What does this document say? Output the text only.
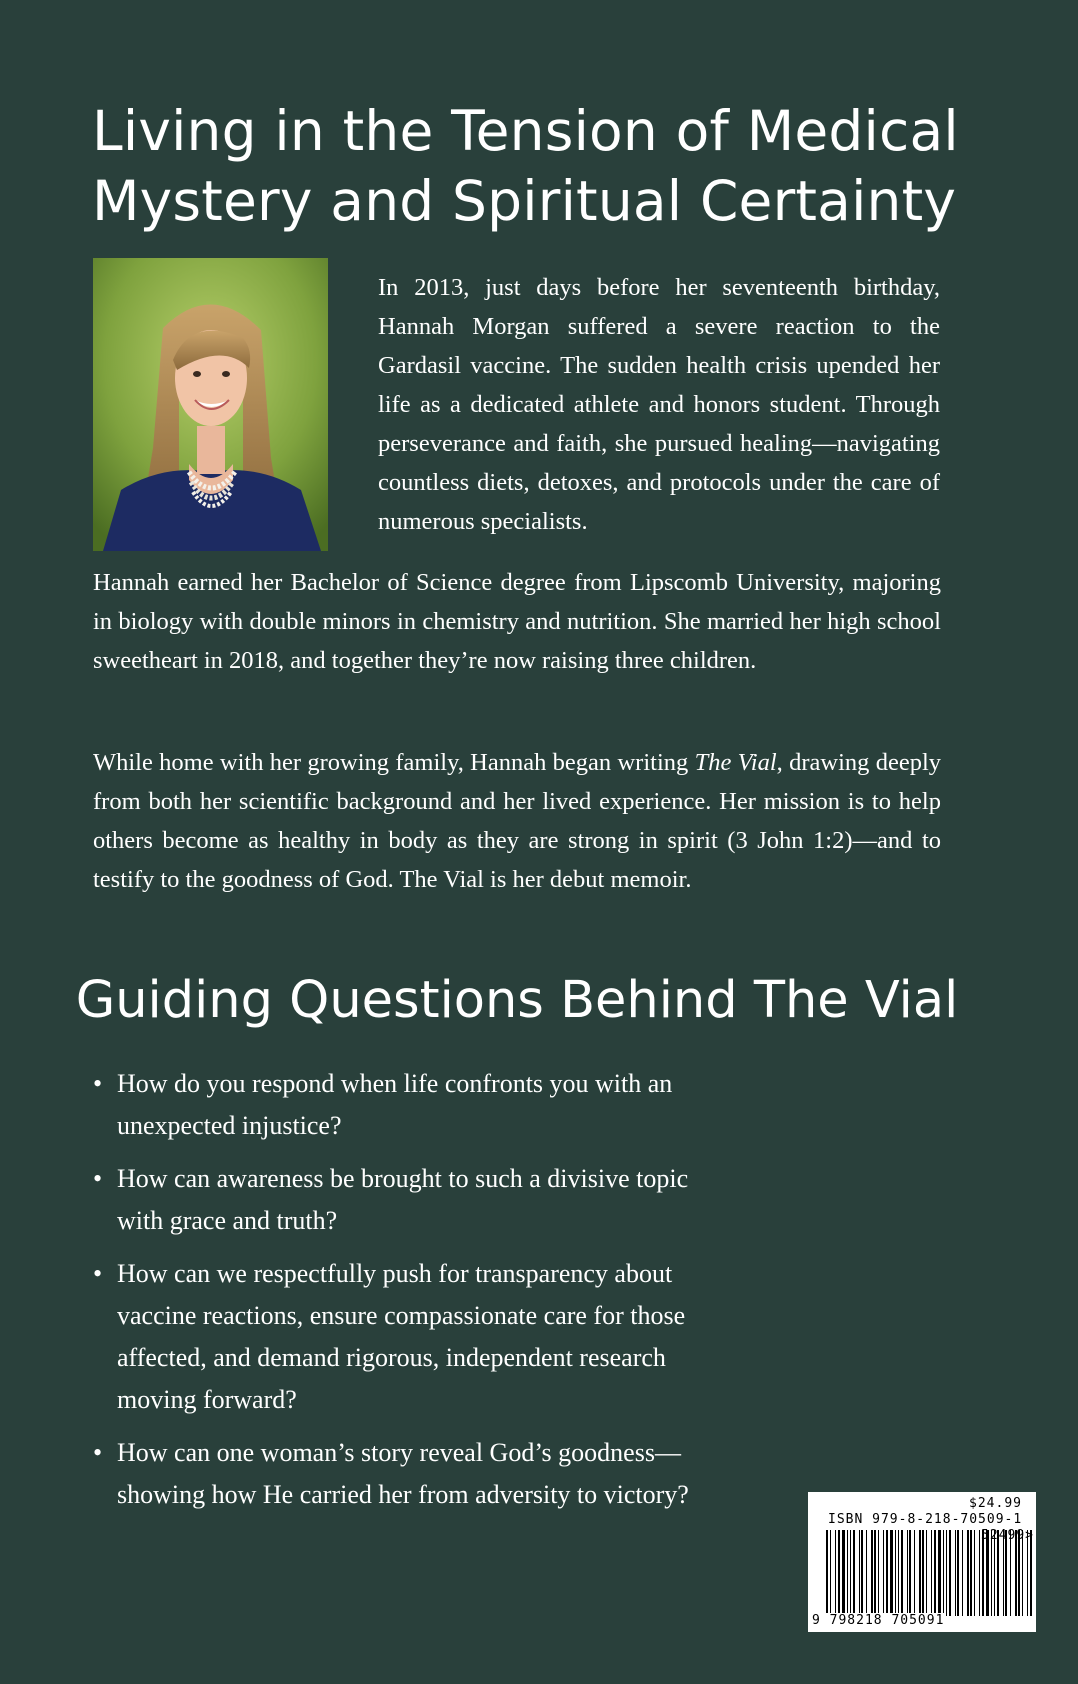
Living in the Tension of Medical
Mystery and Spiritual Certainty

In 2013, just days before her seventeenth birthday, Hannah Morgan suffered a severe reaction to the Gardasil vaccine. The sudden health crisis upended her life as a dedicated athlete and honors student. Through perseverance and faith, she pursued healing—navigating countless diets, detoxes, and protocols under the care of numerous specialists.

Hannah earned her Bachelor of Science degree from Lipscomb University, majoring in biology with double minors in chemistry and nutrition. She married her high school sweetheart in 2018, and together they’re now raising three children.

While home with her growing family, Hannah began writing The Vial, drawing deeply from both her scientific background and her lived experience. Her mission is to help others become as healthy in body as they are strong in spirit (3 John 1:2)—and to testify to the goodness of God. The Vial is her debut memoir.

Guiding Questions Behind The Vial
• How do you respond when life confronts you with an unexpected injustice?
• How can awareness be brought to such a divisive topic with grace and truth?
• How can we respectfully push for transparency about vaccine reactions, ensure compassionate care for those affected, and demand rigorous, independent research moving forward?
• How can one woman’s story reveal God’s goodness—showing how He carried her from adversity to victory?	$24.99
ISBN 979-8-218-70509-1
52499>
9 798218 705091
